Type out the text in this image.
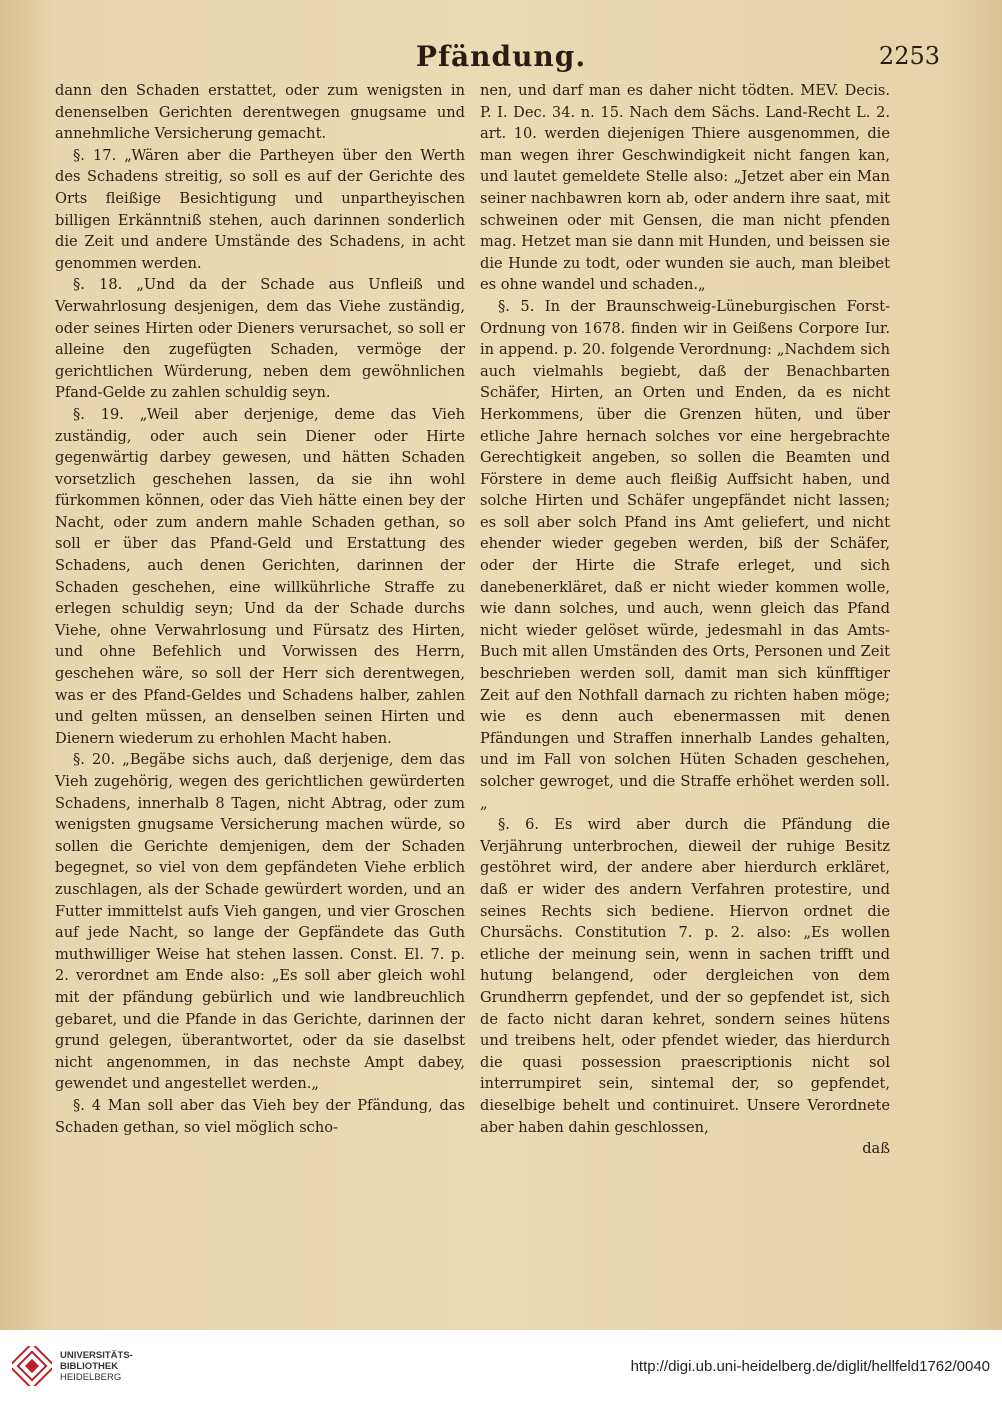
Pfändung.	2253

dann den Schaden erstattet, oder zum wenigsten in denenselben Gerichten derentwegen gnugsame und annehmliche Versicherung gemacht.

§. 17. „Wären aber die Partheyen über den Werth des Schadens streitig, so soll es auf der Gerichte des Orts fleißige Besichtigung und unpartheyischen billigen Erkänntniß stehen, auch darinnen sonderlich die Zeit und andere Umstände des Schadens, in acht genommen werden.

§. 18. „Und da der Schade aus Unfleiß und Verwahrlosung desjenigen, dem das Viehe zuständig, oder seines Hirten oder Dieners verursachet, so soll er alleine den zugefügten Schaden, vermöge der gerichtlichen Würderung, neben dem gewöhnlichen Pfand-Gelde zu zahlen schuldig seyn.

§. 19. „Weil aber derjenige, deme das Vieh zuständig, oder auch sein Diener oder Hirte gegenwärtig darbey gewesen, und hätten Schaden vorsetzlich geschehen lassen, da sie ihn wohl fürkommen können, oder das Vieh hätte einen bey der Nacht, oder zum andern mahle Schaden gethan, so soll er über das Pfand-Geld und Erstattung des Schadens, auch denen Gerichten, darinnen der Schaden geschehen, eine willkührliche Straffe zu erlegen schuldig seyn; Und da der Schade durchs Viehe, ohne Verwahrlosung und Fürsatz des Hirten, und ohne Befehlich und Vorwissen des Herrn, geschehen wäre, so soll der Herr sich derentwegen, was er des Pfand-Geldes und Schadens halber, zahlen und gelten müssen, an denselben seinen Hirten und Dienern wiederum zu erhohlen Macht haben.

§. 20. „Begäbe sichs auch, daß derjenige, dem das Vieh zugehörig, wegen des gerichtlichen gewürderten Schadens, innerhalb 8 Tagen, nicht Abtrag, oder zum wenigsten gnugsame Versicherung machen würde, so sollen die Gerichte demjenigen, dem der Schaden begegnet, so viel von dem gepfändeten Viehe erblich zuschlagen, als der Schade gewürdert worden, und an Futter immittelst aufs Vieh gangen, und vier Groschen auf jede Nacht, so lange der Gepfändete das Guth muthwilliger Weise hat stehen lassen. Const. El. 7. p. 2. verordnet am Ende also: „Es soll aber gleich wohl mit der pfändung gebürlich und wie landbreuchlich gebaret, und die Pfande in das Gerichte, darinnen der grund gelegen, überantwortet, oder da sie daselbst nicht angenommen, in das nechste Ampt dabey, gewendet und angestellet werden.„

§. 4 Man soll aber das Vieh bey der Pfändung, das Schaden gethan, so viel möglich scho-

nen, und darf man es daher nicht tödten. MEV. Decis. P. I. Dec. 34. n. 15. Nach dem Sächs. Land-Recht L. 2. art. 10. werden diejenigen Thiere ausgenommen, die man wegen ihrer Geschwindigkeit nicht fangen kan, und lautet gemeldete Stelle also: „Jetzet aber ein Man seiner nachbawren korn ab, oder andern ihre saat, mit schweinen oder mit Gensen, die man nicht pfenden mag. Hetzet man sie dann mit Hunden, und beissen sie die Hunde zu todt, oder wunden sie auch, man bleibet es ohne wandel und schaden.„

§. 5. In der Braunschweig-Lüneburgischen Forst-Ordnung von 1678. finden wir in Geißens Corpore Iur. in append. p. 20. folgende Verordnung: „Nachdem sich auch vielmahls begiebt, daß der Benachbarten Schäfer, Hirten, an Orten und Enden, da es nicht Herkommens, über die Grenzen hüten, und über etliche Jahre hernach solches vor eine hergebrachte Gerechtigkeit angeben, so sollen die Beamten und Förstere in deme auch fleißig Auffsicht haben, und solche Hirten und Schäfer ungepfändet nicht lassen; es soll aber solch Pfand ins Amt geliefert, und nicht ehender wieder gegeben werden, biß der Schäfer, oder der Hirte die Strafe erleget, und sich danebenerkläret, daß er nicht wieder kommen wolle, wie dann solches, und auch, wenn gleich das Pfand nicht wieder gelöset würde, jedesmahl in das Amts-Buch mit allen Umständen des Orts, Personen und Zeit beschrieben werden soll, damit man sich künfftiger Zeit auf den Nothfall darnach zu richten haben möge; wie es denn auch ebenermassen mit denen Pfändungen und Straffen innerhalb Landes gehalten, und im Fall von solchen Hüten Schaden geschehen, solcher gewroget, und die Straffe erhöhet werden soll.„

§. 6. Es wird aber durch die Pfändung die Verjährung unterbrochen, dieweil der ruhige Besitz gestöhret wird, der andere aber hierdurch erkläret, daß er wider des andern Verfahren protestire, und seines Rechts sich bediene. Hiervon ordnet die Chursächs. Constitution 7. p. 2. also: „Es wollen etliche der meinung sein, wenn in sachen trifft und hutung belangend, oder dergleichen von dem Grundherrn gepfendet, und der so gepfendet ist, sich de facto nicht daran kehret, sondern seines hütens und treibens helt, oder pfendet wieder, das hierdurch die quasi possession praescriptionis nicht sol interrumpiret sein, sintemal der, so gepfendet, dieselbige behelt und continuiret. Unsere Verordnete aber haben dahin geschlossen,

daß

UNIVERSITÄTS-
BIBLIOTHEK
HEIDELBERG
http://digi.ub.uni-heidelberg.de/diglit/hellfeld1762/0040
